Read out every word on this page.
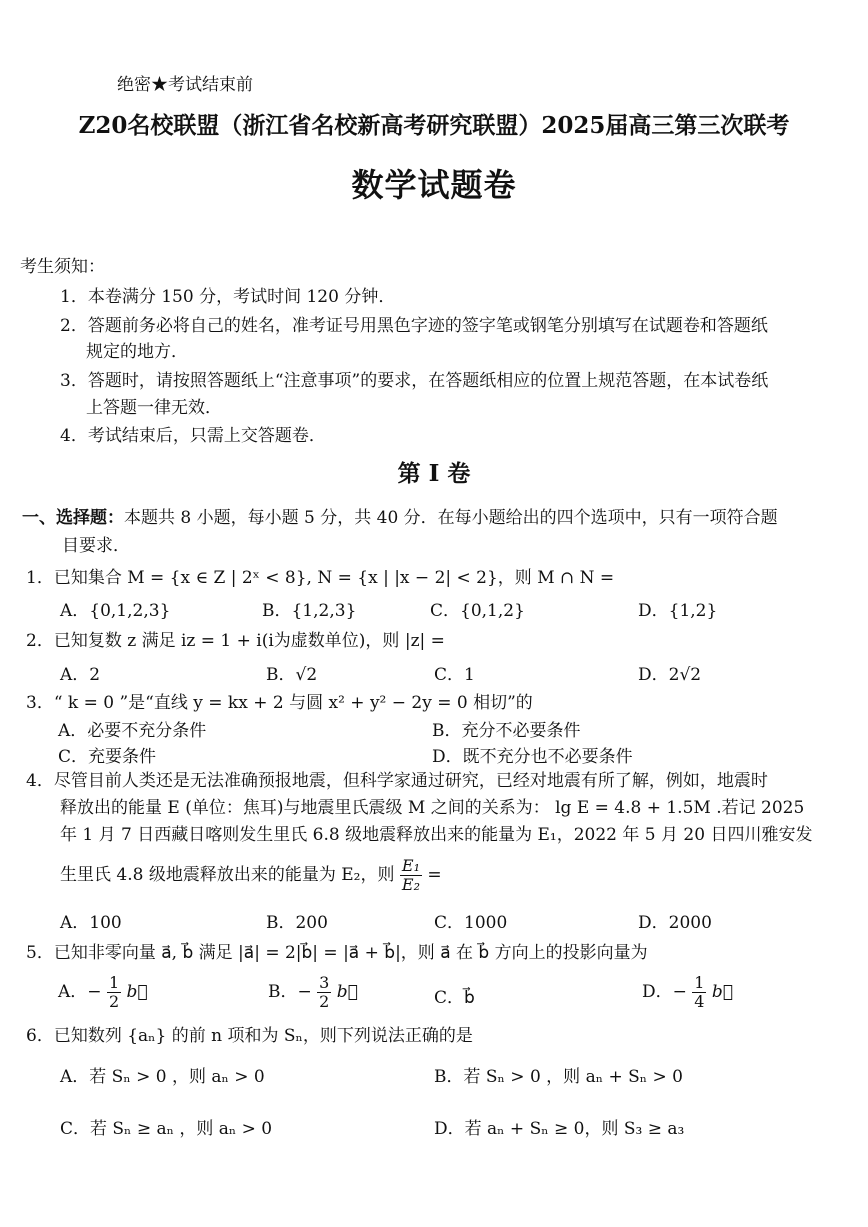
绝密★考试结束前
Z20名校联盟（浙江省名校新高考研究联盟）2025届高三第三次联考
数学试题卷
考生须知：
1．本卷满分 150 分，考试时间 120 分钟．
2．答题前务必将自己的姓名，准考证号用黑色字迹的签字笔或钢笔分别填写在试题卷和答题纸
规定的地方．
3．答题时，请按照答题纸上“注意事项”的要求，在答题纸相应的位置上规范答题，在本试卷纸
上答题一律无效．
4．考试结束后，只需上交答题卷．
第 I 卷
一、选择题：本题共 8 小题，每小题 5 分，共 40 分．在每小题给出的四个选项中，只有一项符合题
目要求．
1．已知集合 M = {x ∈ Z | 2ˣ < 8}, N = {x | |x − 2| < 2}，则 M ∩ N =
A．{0,1,2,3}	B．{1,2,3}	C．{0,1,2}	D．{1,2}
2．已知复数 z 满足 iz = 1 + i(i为虚数单位)，则 |z| =
A．2	B．√2	C．1	D．2√2
3．“ k = 0 ”是“直线 y = kx + 2 与圆 x² + y² − 2y = 0 相切”的
A．必要不充分条件	B．充分不必要条件
C．充要条件	D．既不充分也不必要条件
4．尽管目前人类还是无法准确预报地震，但科学家通过研究，已经对地震有所了解，例如，地震时
释放出的能量 E (单位：焦耳)与地震里氏震级 M 之间的关系为： lg E = 4.8 + 1.5M .若记 2025
年 1 月 7 日西藏日喀则发生里氏 6.8 级地震释放出来的能量为 E₁，2022 年 5 月 20 日四川雅安发
生里氏 4.8 级地震释放出来的能量为 E₂，则 $\frac{\text{E₁}}{\text{E₂}}$ =
A．100	B．200	C．1000	D．2000
5．已知非零向量 a⃗, b⃗ 满足 |a⃗| = 2|b⃗| = |a⃗ + b⃗|，则 a⃗ 在 b⃗ 方向上的投影向量为
A．− $\frac{1}{2}$ b⃗	B．− $\frac{3}{2}$ b⃗	C．b⃗	D．− $\frac{1}{4}$ b⃗
6．已知数列 {aₙ} 的前 n 项和为 Sₙ，则下列说法正确的是
A．若 Sₙ > 0 ，则 aₙ > 0	B．若 Sₙ > 0 ，则 aₙ + Sₙ > 0
C．若 Sₙ ≥ aₙ ，则 aₙ > 0	D．若 aₙ + Sₙ ≥ 0，则 S₃ ≥ a₃
